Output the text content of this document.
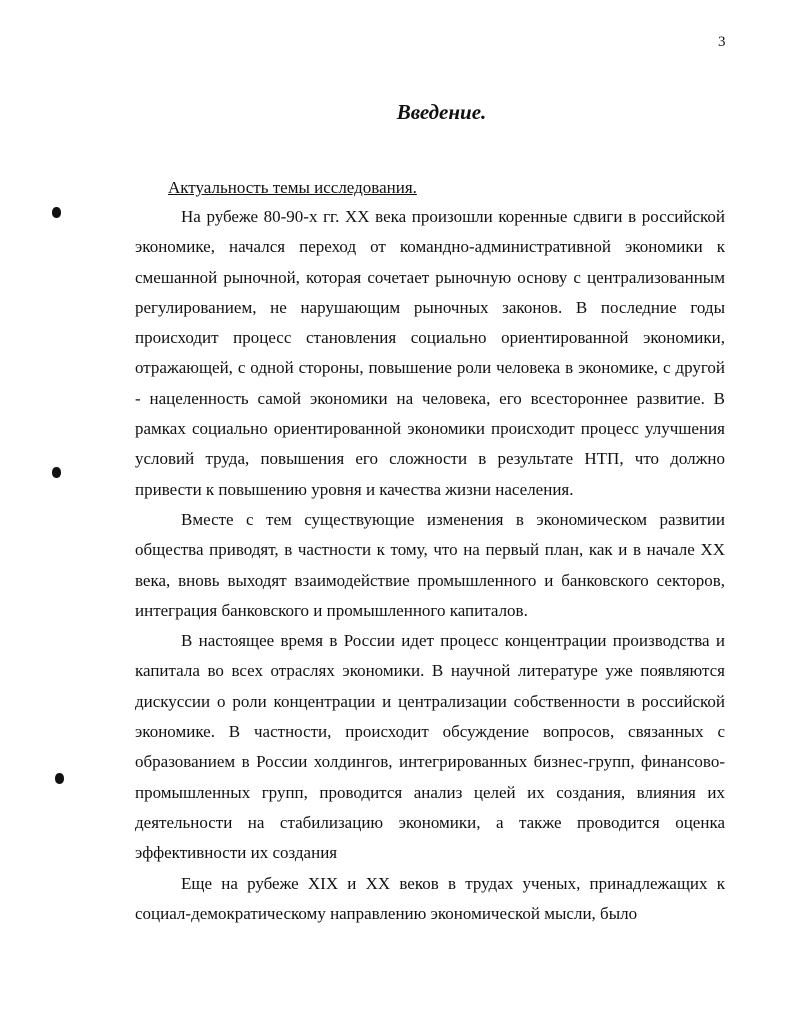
3
Введение.
Актуальность темы исследования.

На рубеже 80-90-х гг. XX века произошли коренные сдвиги в российской экономике, начался переход от командно-административной экономики к смешанной рыночной, которая сочетает рыночную основу с централизованным регулированием, не нарушающим рыночных законов. В последние годы происходит процесс становления социально ориентированной экономики, отражающей, с одной стороны, повышение роли человека в экономике, с другой - нацеленность самой экономики на человека, его всестороннее развитие. В рамках социально ориентированной экономики происходит процесс улучшения условий труда, повышения его сложности в результате НТП, что должно привести к повышению уровня и качества жизни населения.

Вместе с тем существующие изменения в экономическом развитии общества приводят, в частности к тому, что на первый план, как и в начале XX века, вновь выходят взаимодействие промышленного и банковского секторов, интеграция банковского и промышленного капиталов.

В настоящее время в России идет процесс концентрации производства и капитала во всех отраслях экономики. В научной литературе уже появляются дискуссии о роли концентрации и централизации собственности в российской экономике. В частности, происходит обсуждение вопросов, связанных с образованием в России холдингов, интегрированных бизнес-групп, финансово-промышленных групп, проводится анализ целей их создания, влияния их деятельности на стабилизацию экономики, а также проводится оценка эффективности их создания

Еще на рубеже XIX и XX веков в трудах ученых, принадлежащих к социал-демократическому направлению экономической мысли, было
